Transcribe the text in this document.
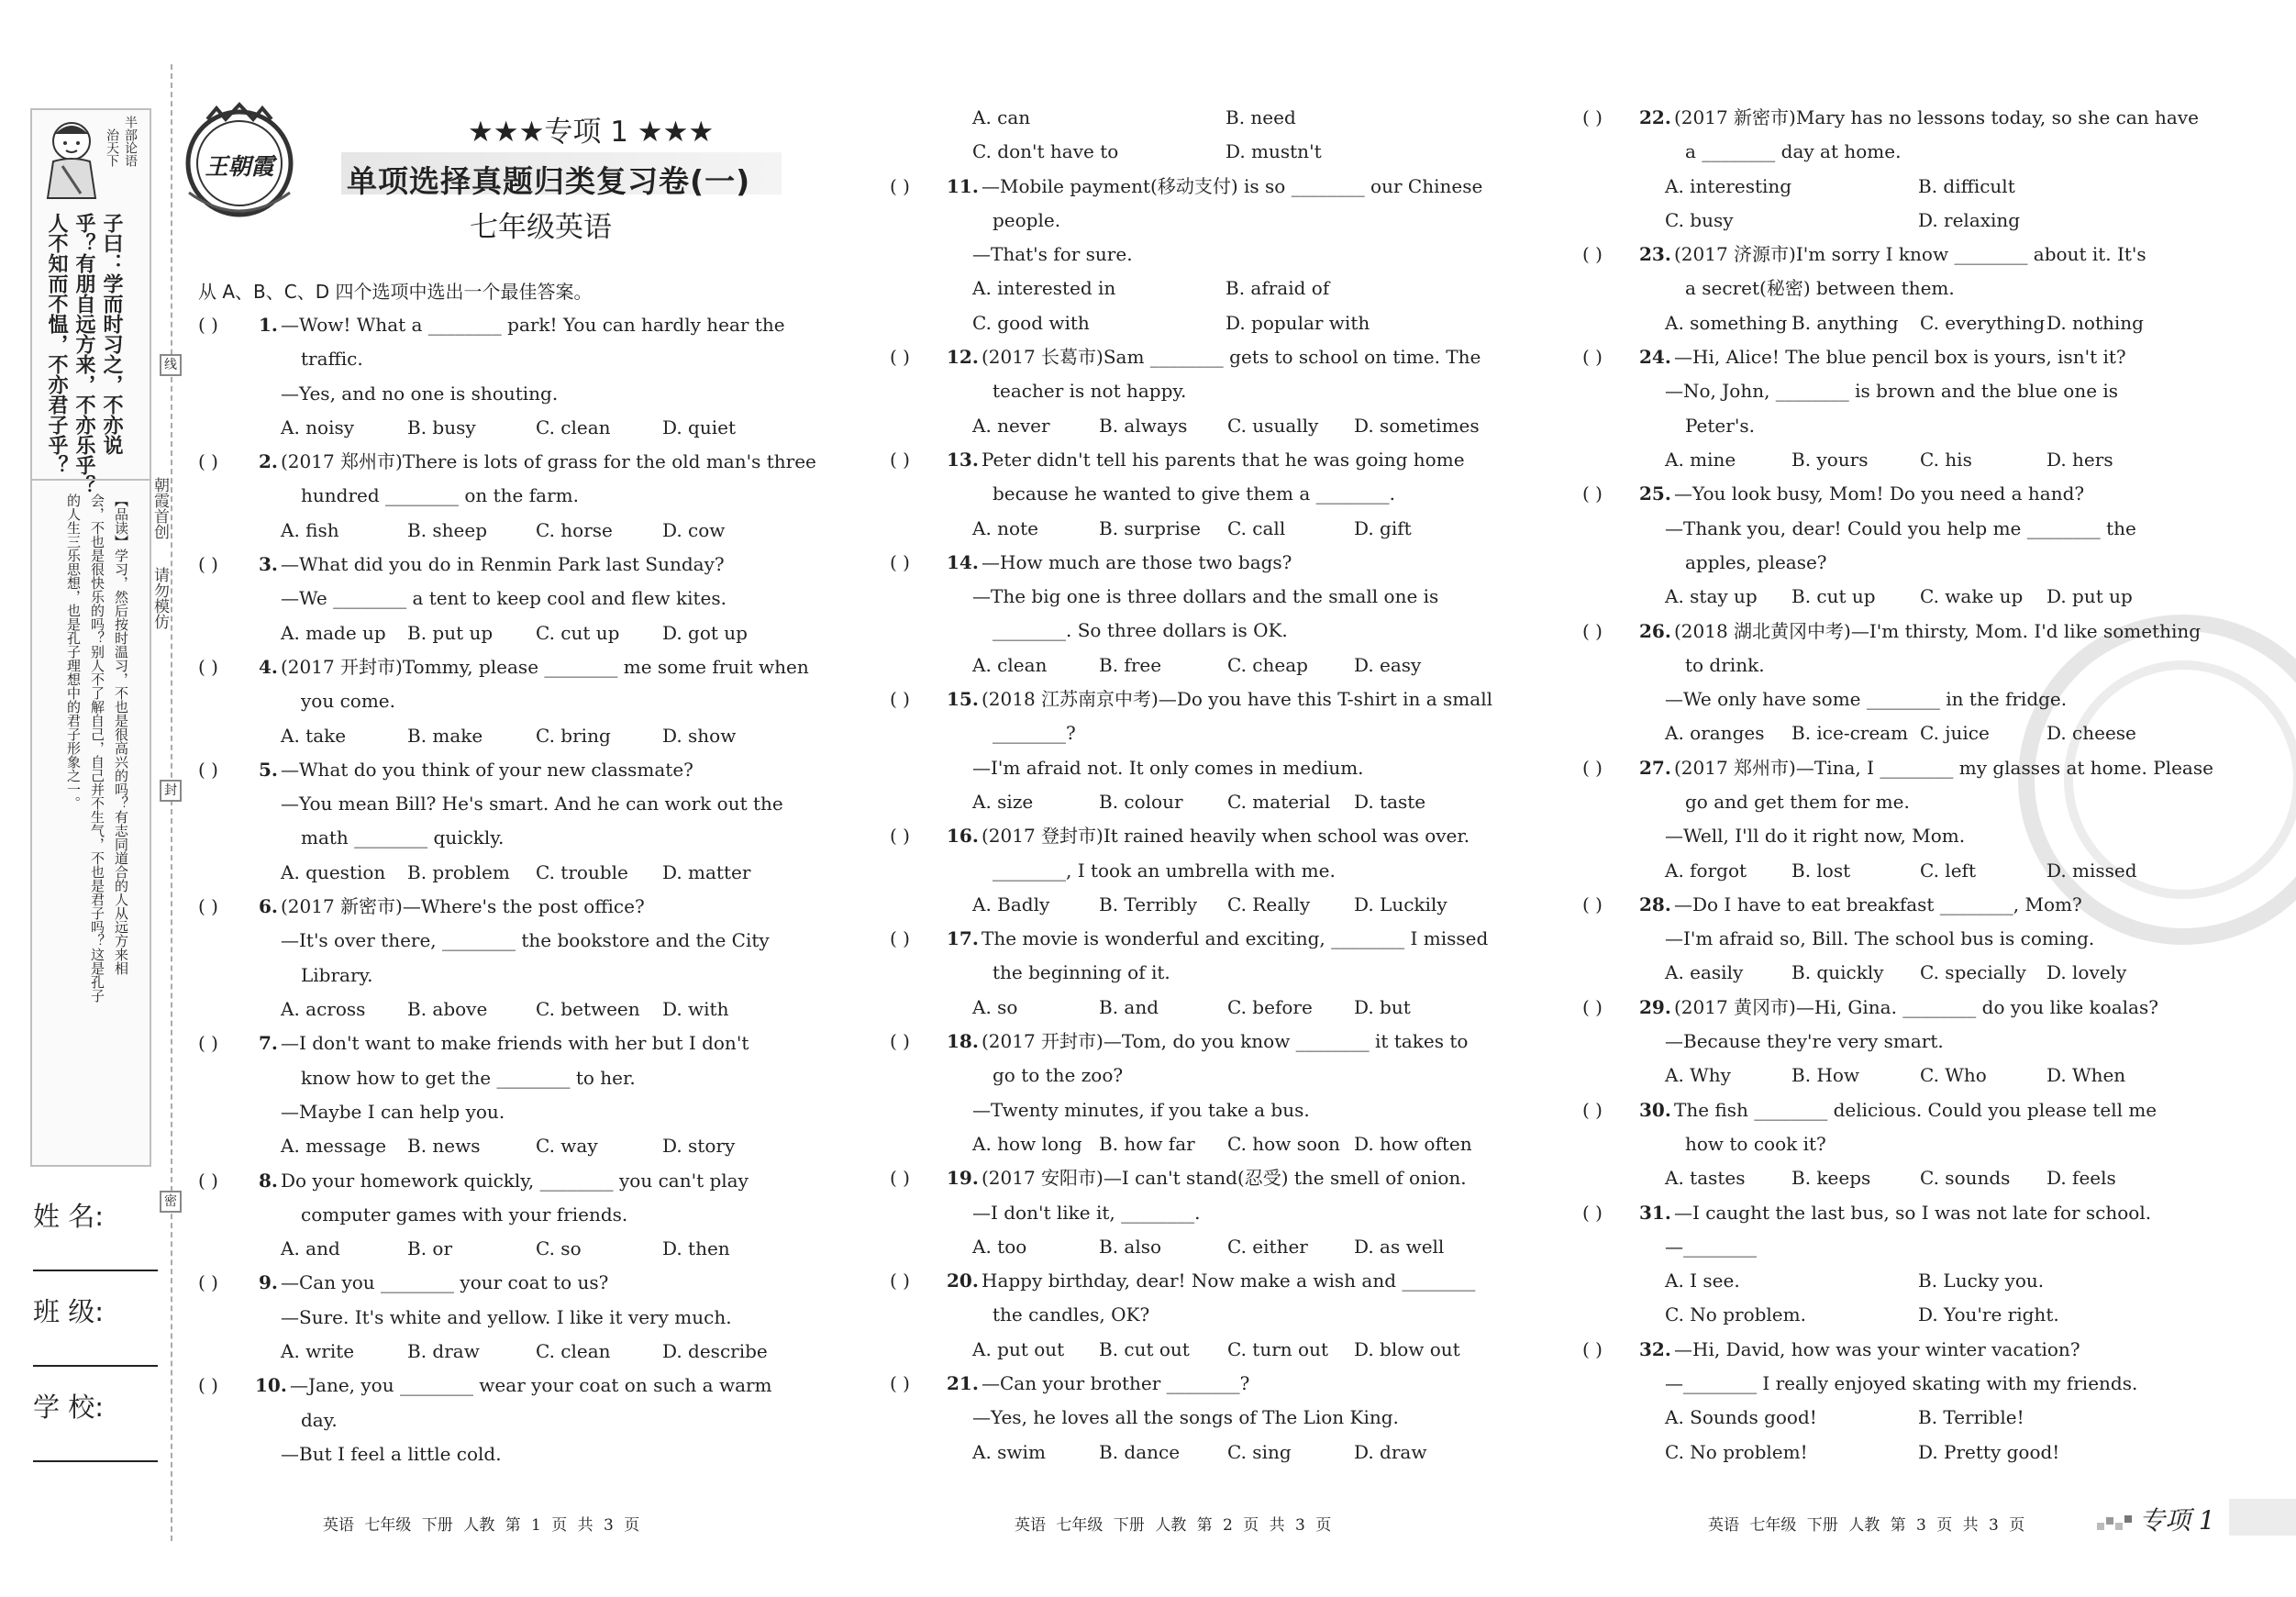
半部论语
治天下
子曰：学而时习之，不亦说
乎？有朋自远方来，不亦乐乎？
人不知而不愠，不亦君子乎？
【品读】学习，然后按时温习，不也是很高兴的吗？有志同道合的人从远方来相
会，不也是很快乐的吗？别人不了解自己，自己并不生气，不也是君子吗？这是孔子
的人生三乐思想，也是孔子理想中的君子形象之一。
姓 名:
班 级:
学 校:
朝霞首创
请勿模仿
线
封
密
王朝霞
★★★专项 1 ★★★
单项选择真题归类复习卷(一)
七年级英语
从 A、B、C、D 四个选项中选出一个最佳答案。
( ) 1. —Wow! What a ________ park! You can hardly hear the
traffic.
—Yes, and no one is shouting.
A. noisy	B. busy	C. clean	D. quiet
( ) 2. (2017 郑州市)There is lots of grass for the old man's three
hundred ________ on the farm.
A. fish	B. sheep	C. horse	D. cow
( ) 3. —What did you do in Renmin Park last Sunday?
—We ________ a tent to keep cool and flew kites.
A. made up B. put up C. cut up D. got up
( ) 4. (2017 开封市)Tommy, please ________ me some fruit when
you come.
A. take	B. make	C. bring	D. show
( ) 5. —What do you think of your new classmate?
—You mean Bill? He's smart. And he can work out the
math ________ quickly.
A. question B. problem C. trouble D. matter
( ) 6. (2017 新密市)—Where's the post office?
—It's over there, ________ the bookstore and the City
Library.
A. across B. above	C. between D. with
( ) 7. —I don't want to make friends with her but I don't
know how to get the ________ to her.
—Maybe I can help you.
A. message B. news	C. way	D. story
( ) 8. Do your homework quickly, ________ you can't play
computer games with your friends.
A. and	B. or	C. so	D. then
( ) 9. —Can you ________ your coat to us?
—Sure. It's white and yellow. I like it very much.
A. write	B. draw	C. clean	D. describe
( ) 10. —Jane, you ________ wear your coat on such a warm
day.
—But I feel a little cold.
A. can	B. need
C. don't have to	D. mustn't
( ) 11. —Mobile payment(移动支付) is so ________ our Chinese
people.
—That's for sure.
A. interested in	B. afraid of
C. good with	D. popular with
( ) 12. (2017 长葛市)Sam ________ gets to school on time. The
teacher is not happy.
A. never	B. always C. usually D. sometimes
( ) 13. Peter didn't tell his parents that he was going home
because he wanted to give them a ________.
A. note	B. surprise C. call	D. gift
( ) 14. —How much are those two bags?
—The big one is three dollars and the small one is
________. So three dollars is OK.
A. clean	B. free	C. cheap	D. easy
( ) 15. (2018 江苏南京中考)—Do you have this T-shirt in a small
________?
—I'm afraid not. It only comes in medium.
A. size	B. colour C. material D. taste
( ) 16. (2017 登封市)It rained heavily when school was over.
________, I took an umbrella with me.
A. Badly	B. Terribly C. Really D. Luckily
( ) 17. The movie is wonderful and exciting, ________ I missed
the beginning of it.
A. so	B. and	C. before D. but
( ) 18. (2017 开封市)—Tom, do you know ________ it takes to
go to the zoo?
—Twenty minutes, if you take a bus.
A. how long B. how far C. how soon D. how often
( ) 19. (2017 安阳市)—I can't stand(忍受) the smell of onion.
—I don't like it, ________.
A. too	B. also	C. either	D. as well
( ) 20. Happy birthday, dear! Now make a wish and ________
the candles, OK?
A. put out B. cut out C. turn out D. blow out
( ) 21. —Can your brother ________?
—Yes, he loves all the songs of The Lion King.
A. swim	B. dance	C. sing	D. draw
( ) 22. (2017 新密市)Mary has no lessons today, so she can have
a ________ day at home.
A. interesting	B. difficult
C. busy	D. relaxing
( ) 23. (2017 济源市)I'm sorry I know ________ about it. It's
a secret(秘密) between them.
A. something B. anything C. everything D. nothing
( ) 24. —Hi, Alice! The blue pencil box is yours, isn't it?
—No, John, ________ is brown and the blue one is
Peter's.
A. mine	B. yours	C. his	D. hers
( ) 25. —You look busy, Mom! Do you need a hand?
—Thank you, dear! Could you help me ________ the
apples, please?
A. stay up B. cut up C. wake up D. put up
( ) 26. (2018 湖北黄冈中考)—I'm thirsty, Mom. I'd like something
to drink.
—We only have some ________ in the fridge.
A. oranges B. ice-cream C. juice	D. cheese
( ) 27. (2017 郑州市)—Tina, I ________ my glasses at home. Please
go and get them for me.
—Well, I'll do it right now, Mom.
A. forgot B. lost	C. left	D. missed
( ) 28. —Do I have to eat breakfast ________, Mom?
—I'm afraid so, Bill. The school bus is coming.
A. easily	B. quickly C. specially D. lovely
( ) 29. (2017 黄冈市)—Hi, Gina. ________ do you like koalas?
—Because they're very smart.
A. Why	B. How	C. Who	D. When
( ) 30. The fish ________ delicious. Could you please tell me
how to cook it?
A. tastes	B. keeps	C. sounds D. feels
( ) 31. —I caught the last bus, so I was not late for school.
—________
A. I see.	B. Lucky you.
C. No problem.	D. You're right.
( ) 32. —Hi, David, how was your winter vacation?
—________ I really enjoyed skating with my friends.
A. Sounds good!	B. Terrible!
C. No problem!	D. Pretty good!
英语 七年级 下册 人教 第 1 页 共 3 页	英语 七年级 下册 人教 第 2 页 共 3 页	英语 七年级 下册 人教 第 3 页 共 3 页	专项 1
